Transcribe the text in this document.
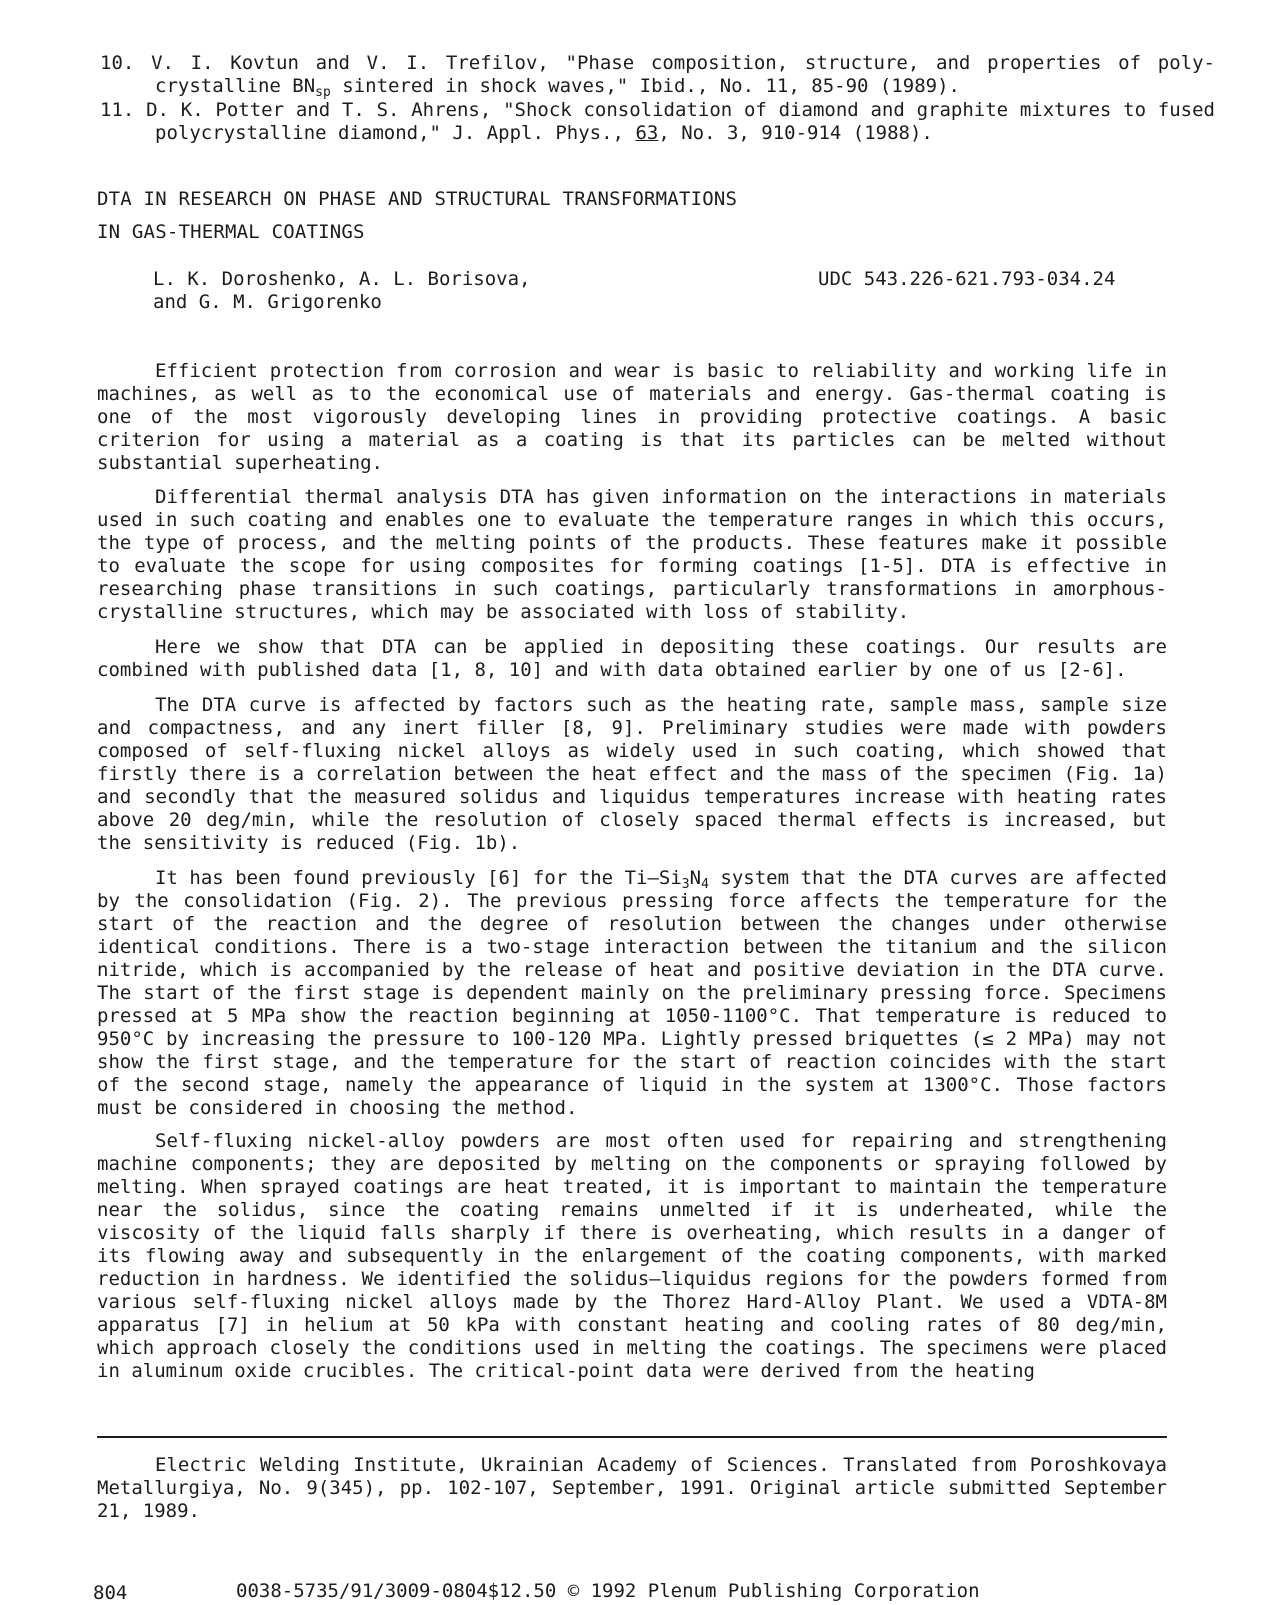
10. V. I. Kovtun and V. I. Trefilov, "Phase composition, structure, and properties of poly-crystalline $BN_{sp}$ sintered in shock waves," Ibid., No. 11, 85-90 (1989).
11. D. K. Potter and T. S. Ahrens, "Shock consolidation of diamond and graphite mixtures to fused polycrystalline diamond," J. Appl. Phys., 63, No. 3, 910-914 (1988).
DTA IN RESEARCH ON PHASE AND STRUCTURAL TRANSFORMATIONS
IN GAS-THERMAL COATINGS
L. K. Doroshenko, A. L. Borisova,
and G. M. Grigorenko
UDC 543.226-621.793-034.24

Efficient protection from corrosion and wear is basic to reliability and working life in machines, as well as to the economical use of materials and energy. Gas-thermal coating is one of the most vigorously developing lines in providing protective coatings. A basic criterion for using a material as a coating is that its particles can be melted without substantial superheating.

Differential thermal analysis DTA has given information on the interactions in materials used in such coating and enables one to evaluate the temperature ranges in which this occurs, the type of process, and the melting points of the products. These features make it possible to evaluate the scope for using composites for forming coatings [1-5]. DTA is effective in researching phase transitions in such coatings, particularly transformations in amorphous-crystalline structures, which may be associated with loss of stability.

Here we show that DTA can be applied in depositing these coatings. Our results are combined with published data [1, 8, 10] and with data obtained earlier by one of us [2-6].

The DTA curve is affected by factors such as the heating rate, sample mass, sample size and compactness, and any inert filler [8, 9]. Preliminary studies were made with powders composed of self-fluxing nickel alloys as widely used in such coating, which showed that firstly there is a correlation between the heat effect and the mass of the specimen (Fig. 1a) and secondly that the measured solidus and liquidus temperatures increase with heating rates above 20 deg/min, while the resolution of closely spaced thermal effects is increased, but the sensitivity is reduced (Fig. 1b).

It has been found previously [6] for the $Ti-Si_3N_4$ system that the DTA curves are affected by the consolidation (Fig. 2). The previous pressing force affects the temperature for the start of the reaction and the degree of resolution between the changes under otherwise identical conditions. There is a two-stage interaction between the titanium and the silicon nitride, which is accompanied by the release of heat and positive deviation in the DTA curve. The start of the first stage is dependent mainly on the preliminary pressing force. Specimens pressed at 5 MPa show the reaction beginning at 1050-1100°C. That temperature is reduced to 950°C by increasing the pressure to 100-120 MPa. Lightly pressed briquettes (≤ 2 MPa) may not show the first stage, and the temperature for the start of reaction coincides with the start of the second stage, namely the appearance of liquid in the system at 1300°C. Those factors must be considered in choosing the method.

Self-fluxing nickel-alloy powders are most often used for repairing and strengthening machine components; they are deposited by melting on the components or spraying followed by melting. When sprayed coatings are heat treated, it is important to maintain the temperature near the solidus, since the coating remains unmelted if it is underheated, while the viscosity of the liquid falls sharply if there is overheating, which results in a danger of its flowing away and subsequently in the enlargement of the coating components, with marked reduction in hardness. We identified the solidus–liquidus regions for the powders formed from various self-fluxing nickel alloys made by the Thorez Hard-Alloy Plant. We used a VDTA-8M apparatus [7] in helium at 50 kPa with constant heating and cooling rates of 80 deg/min, which approach closely the conditions used in melting the coatings. The specimens were placed in aluminum oxide crucibles. The critical-point data were derived from the heating

Electric Welding Institute, Ukrainian Academy of Sciences. Translated from Poroshkovaya Metallurgiya, No. 9(345), pp. 102-107, September, 1991. Original article submitted September 21, 1989.
804	0038-5735/91/3009-0804$12.50 © 1992 Plenum Publishing Corporation
